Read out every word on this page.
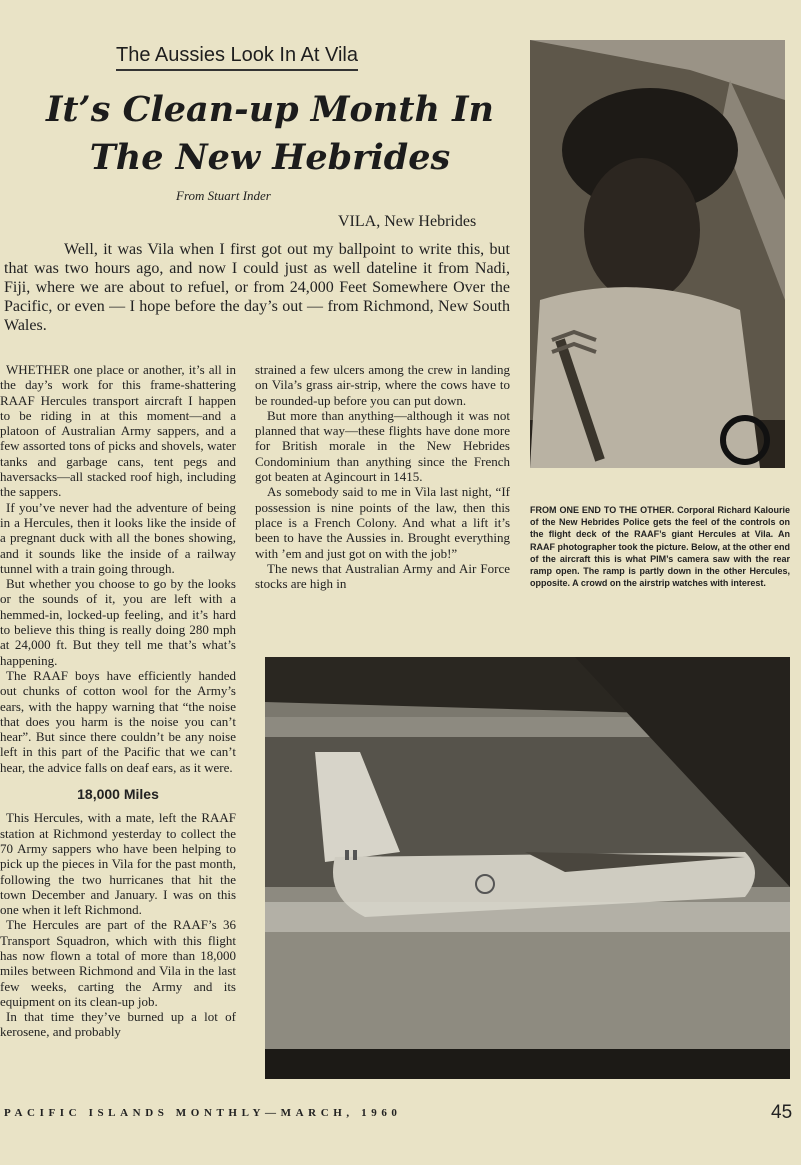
The Aussies Look In At Vila
It’s Clean-up Month In
The New Hebrides
From Stuart Inder
VILA, New Hebrides

Well, it was Vila when I first got out my ballpoint to write this, but that was two hours ago, and now I could just as well dateline it from Nadi, Fiji, where we are about to refuel, or from 24,000 Feet Somewhere Over the Pacific, or even — I hope before the day’s out — from Richmond, New South Wales.

WHETHER one place or another, it’s all in the day’s work for this frame-shattering RAAF Hercules transport aircraft I happen to be riding in at this moment—and a platoon of Australian Army sappers, and a few assorted tons of picks and shovels, water tanks and garbage cans, tent pegs and haversacks—all stacked roof high, including the sappers.

If you’ve never had the adventure of being in a Hercules, then it looks like the inside of a pregnant duck with all the bones showing, and it sounds like the inside of a railway tunnel with a train going through.

But whether you choose to go by the looks or the sounds of it, you are left with a hemmed-in, locked-up feeling, and it’s hard to believe this thing is really doing 280 mph at 24,000 ft. But they tell me that’s what’s happening.

The RAAF boys have efficiently handed out chunks of cotton wool for the Army’s ears, with the happy warning that “the noise that does you harm is the noise you can’t hear”. But since there couldn’t be any noise left in this part of the Pacific that we can’t hear, the advice falls on deaf ears, as it were.

18,000 Miles

This Hercules, with a mate, left the RAAF station at Richmond yesterday to collect the 70 Army sappers who have been helping to pick up the pieces in Vila for the past month, following the two hurricanes that hit the town December and January. I was on this one when it left Richmond.

The Hercules are part of the RAAF’s 36 Transport Squadron, which with this flight has now flown a total of more than 18,000 miles between Richmond and Vila in the last few weeks, carting the Army and its equipment on its clean-up job.

In that time they’ve burned up a lot of kerosene, and probably

strained a few ulcers among the crew in landing on Vila’s grass air-strip, where the cows have to be rounded-up before you can put down.

But more than anything—although it was not planned that way—these flights have done more for British morale in the New Hebrides Condominium than anything since the French got beaten at Agincourt in 1415.

As somebody said to me in Vila last night, “If possession is nine points of the law, then this place is a French Colony. And what a lift it’s been to have the Aussies in. Brought everything with ’em and just got on with the job!”

The news that Australian Army and Air Force stocks are high in

FROM ONE END TO THE OTHER. Corporal Richard Kalourie of the New Hebrides Police gets the feel of the controls on the flight deck of the RAAF’s giant Hercules at Vila. An RAAF photographer took the picture. Below, at the other end of the aircraft this is what PIM’s camera saw with the rear ramp open. The ramp is partly down in the other Hercules, opposite. A crowd on the airstrip watches with interest.
PACIFIC ISLANDS MONTHLY—MARCH, 1960	45
